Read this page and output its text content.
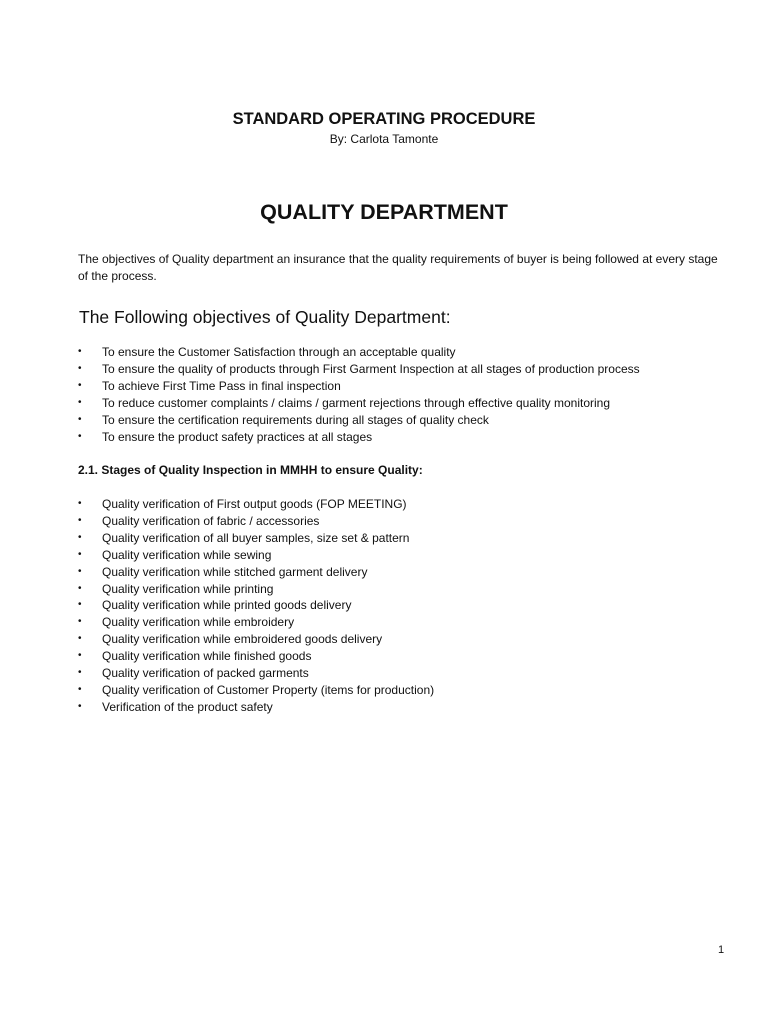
STANDARD OPERATING PROCEDURE
By: Carlota Tamonte
QUALITY DEPARTMENT
The objectives of Quality department an insurance that the quality requirements of buyer is being followed at every stage of the process.
The Following objectives of Quality Department:
• To ensure the Customer Satisfaction through an acceptable quality
• To ensure the quality of products through First Garment Inspection at all stages of production process
• To achieve First Time Pass in final inspection
• To reduce customer complaints / claims / garment rejections through effective quality monitoring
• To ensure the certification requirements during all stages of quality check
• To ensure the product safety practices at all stages
2.1. Stages of Quality Inspection in MMHH to ensure Quality:
• Quality verification of First output goods (FOP MEETING)
• Quality verification of fabric / accessories
• Quality verification of all buyer samples, size set & pattern
• Quality verification while sewing
• Quality verification while stitched garment delivery
• Quality verification while printing
• Quality verification while printed goods delivery
• Quality verification while embroidery
• Quality verification while embroidered goods delivery
• Quality verification while finished goods
• Quality verification of packed garments
• Quality verification of Customer Property (items for production)
• Verification of the product safety
1
